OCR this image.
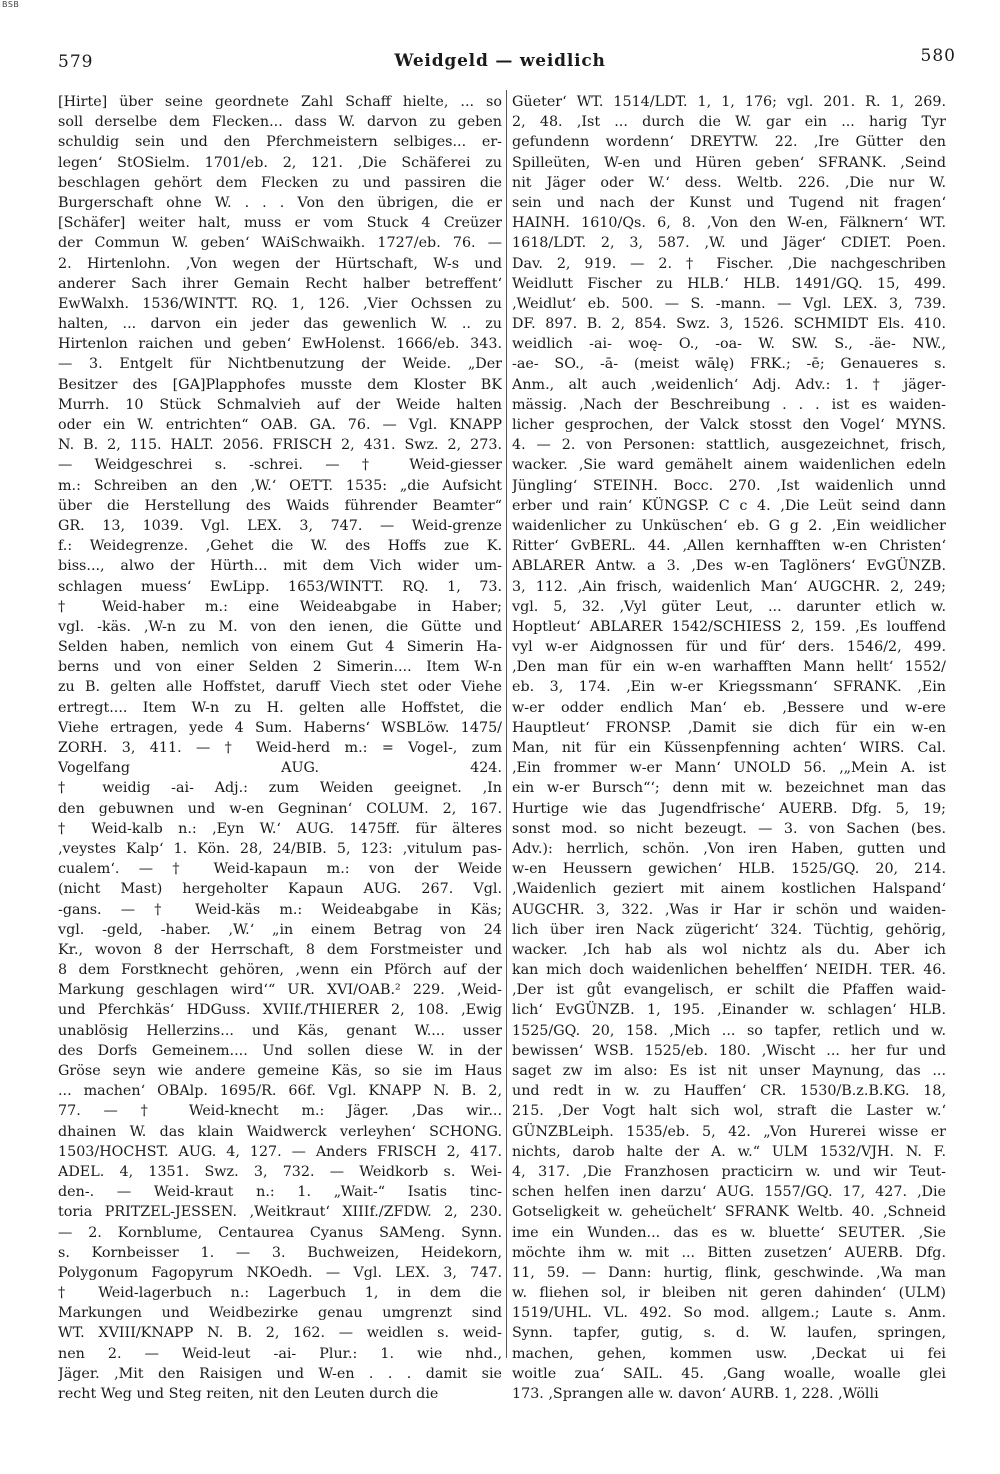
BSB
579	Weidgeld — weidlich	580
[Hirte] über seine geordnete Zahl Schaff hielte, ... so
soll derselbe dem Flecken... dass W. darvon zu geben
schuldig sein und den Pferchmeistern selbiges... er-
legen‘ StOSielm. 1701/eb. 2, 121. ‚Die Schäferei zu
beschlagen gehört dem Flecken zu und passiren die
Burgerschaft ohne W. . . . Von den übrigen, die er
[Schäfer] weiter halt, muss er vom Stuck 4 Creüzer
der Commun W. geben‘ WAiSchwaikh. 1727/eb. 76. —
2. Hirtenlohn. ‚Von wegen der Hürtschaft, W-s und
anderer Sach ihrer Gemain Recht halber betreffent‘
EwWalxh. 1536/WINTT. RQ. 1, 126. ‚Vier Ochssen zu
halten, ... darvon ein jeder das gewenlich W. .. zu
Hirtenlon raichen und geben‘ EwHolenst. 1666/eb. 343.
— 3. Entgelt für Nichtbenutzung der Weide. „Der
Besitzer des [GA]Plapphofes musste dem Kloster BK
Murrh. 10 Stück Schmalvieh auf der Weide halten
oder ein W. entrichten“ OAB. GA. 76. — Vgl. KNAPP
N. B. 2, 115. HALT. 2056. FRISCH 2, 431. Swz. 2, 273.
— Weidgeschrei s. -schrei. — † Weid-giesser
m.: Schreiben an den ‚W.‘ OETT. 1535: „die Aufsicht
über die Herstellung des Waids führender Beamter“
GR. 13, 1039. Vgl. LEX. 3, 747. — Weid-grenze
f.: Weidegrenze. ‚Gehet die W. des Hoffs zue K.
biss..., alwo der Hürth... mit dem Vich wider um-
schlagen muess‘ EwLipp. 1653/WINTT. RQ. 1, 73.
† Weid-haber m.: eine Weideabgabe in Haber;
vgl. -käs. ‚W-n zu M. von den ienen, die Gütte und
Selden haben, nemlich von einem Gut 4 Simerin Ha-
berns und von einer Selden 2 Simerin.... Item W-n
zu B. gelten alle Hoffstet, daruff Viech stet oder Viehe
ertregt.... Item W-n zu H. gelten alle Hoffstet, die
Viehe ertragen, yede 4 Sum. Haberns‘ WSBLöw. 1475/
ZORH. 3, 411. — † Weid-herd m.: = Vogel-, zum
Vogelfang AUG. 424.
† weidig -ai- Adj.: zum Weiden geeignet. ‚In
den gebuwnen und w-en Gegninan‘ COLUM. 2, 167.
† Weid-kalb n.: ‚Eyn W.‘ AUG. 1475ff. für älteres
‚veystes Kalp‘ 1. Kön. 28, 24/BIB. 5, 123: ‚vitulum pas-
cualem‘. — † Weid-kapaun m.: von der Weide
(nicht Mast) hergeholter Kapaun AUG. 267. Vgl.
-gans. — † Weid-käs m.: Weideabgabe in Käs;
vgl. -geld, -haber. ‚W.‘ „in einem Betrag von 24
Kr., wovon 8 der Herrschaft, 8 dem Forstmeister und
8 dem Forstknecht gehören, ‚wenn ein Pförch auf der
Markung geschlagen wird‘“ UR. XVI/OAB.² 229. ‚Weid-
und Pferchkäs‘ HDGuss. XVIIf./THIERER 2, 108. ‚Ewig
unablösig Hellerzins... und Käs, genant W.... usser
des Dorfs Gemeinem.... Und sollen diese W. in der
Gröse seyn wie andere gemeine Käs, so sie im Haus
... machen‘ OBAlp. 1695/R. 66f. Vgl. KNAPP N. B. 2,
77. — † Weid-knecht m.: Jäger. ‚Das wir...
dhainen W. das klain Waidwerck verleyhen‘ SCHONG.
1503/HOCHST. AUG. 4, 127. — Anders FRISCH 2, 417.
ADEL. 4, 1351. Swz. 3, 732. — Weidkorb s. Wei-
den-. — Weid-kraut n.: 1. „Wait-“ Isatis tinc-
toria PRITZEL-JESSEN. ‚Weitkraut‘ XIIIf./ZFDW. 2, 230.
— 2. Kornblume, Centaurea Cyanus SAMeng. Synn.
s. Kornbeisser 1. — 3. Buchweizen, Heidekorn,
Polygonum Fagopyrum NKOedh. — Vgl. LEX. 3, 747.
† Weid-lagerbuch n.: Lagerbuch 1, in dem die
Markungen und Weidbezirke genau umgrenzt sind
WT. XVIII/KNAPP N. B. 2, 162. — weidlen s. weid-
nen 2. — Weid-leut -ai- Plur.: 1. wie nhd.,
Jäger. ‚Mit den Raisigen und W-en . . . damit sie
recht Weg und Steg reiten, nit den Leuten durch die
Güeter‘ WT. 1514/LDT. 1, 1, 176; vgl. 201. R. 1, 269.
2, 48. ‚Ist ... durch die W. gar ein ... harig Tyr
gefundenn wordenn‘ DREYTW. 22. ‚Ire Gütter den
Spilleüten, W-en und Hüren geben‘ SFRANK. ‚Seind
nit Jäger oder W.‘ dess. Weltb. 226. ‚Die nur W.
sein und nach der Kunst und Tugend nit fragen‘
HAINH. 1610/Qs. 6, 8. ‚Von den W-en, Fälknern‘ WT.
1618/LDT. 2, 3, 587. ‚W. und Jäger‘ CDIET. Poen.
Dav. 2, 919. — 2. † Fischer. ‚Die nachgeschriben
Weidlutt Fischer zu HLB.‘ HLB. 1491/GQ. 15, 499.
‚Weidlut‘ eb. 500. — S. -mann. — Vgl. LEX. 3, 739.
DF. 897. B. 2, 854. Swz. 3, 1526. SCHMIDT Els. 410.
weidlich -ai- woę- O., -oa- W. SW. S., -äe- NW.,
-ae- SO., -ā- (meist wālę) FRK.; -ē; Genaueres s.
Anm., alt auch ‚weidenlich‘ Adj. Adv.: 1. † jäger-
mässig. ‚Nach der Beschreibung . . . ist es waiden-
licher gesprochen, der Valck stosst den Vogel‘ MYNS.
4. — 2. von Personen: stattlich, ausgezeichnet, frisch,
wacker. ‚Sie ward gemähelt ainem waidenlichen edeln
Jüngling‘ STEINH. Bocc. 270. ‚Ist waidenlich unnd
erber und rain‘ KÜNGSP. C c 4. ‚Die Leüt seind dann
waidenlicher zu Unküschen‘ eb. G g 2. ‚Ein weidlicher
Ritter‘ GvBERL. 44. ‚Allen kernhafften w-en Christen‘
ABLARER Antw. a 3. ‚Des w-en Taglöners‘ EvGÜNZB.
3, 112. ‚Ain frisch, waidenlich Man‘ AUGCHR. 2, 249;
vgl. 5, 32. ‚Vyl güter Leut, ... darunter etlich w.
Hoptleut‘ ABLARER 1542/SCHIESS 2, 159. ‚Es louffend
vyl w-er Aidgnossen für und für‘ ders. 1546/2, 499.
‚Den man für ein w-en warhafften Mann hellt‘ 1552/
eb. 3, 174. ‚Ein w-er Kriegssmann‘ SFRANK. ‚Ein
w-er odder endlich Man‘ eb. ‚Bessere und w-ere
Hauptleut‘ FRONSP. ‚Damit sie dich für ein w-en
Man, nit für ein Küssenpfenning achten‘ WIRS. Cal.
‚Ein frommer w-er Mann‘ UNOLD 56. ‚„Mein A. ist
ein w-er Bursch“‘; denn mit w. bezeichnet man das
Hurtige wie das Jugendfrische‘ AUERB. Dfg. 5, 19;
sonst mod. so nicht bezeugt. — 3. von Sachen (bes.
Adv.): herrlich, schön. ‚Von iren Haben, gutten und
w-en Heussern gewichen‘ HLB. 1525/GQ. 20, 214.
‚Waidenlich geziert mit ainem kostlichen Halspand‘
AUGCHR. 3, 322. ‚Was ir Har ir schön und waiden-
lich über iren Nack zügericht‘ 324. Tüchtig, gehörig,
wacker. ‚Ich hab als wol nichtz als du. Aber ich
kan mich doch waidenlichen behelffen‘ NEIDH. TER. 46.
‚Der ist gůt evangelisch, er schilt die Pfaffen waid-
lich‘ EvGÜNZB. 1, 195. ‚Einander w. schlagen‘ HLB.
1525/GQ. 20, 158. ‚Mich ... so tapfer, retlich und w.
bewissen‘ WSB. 1525/eb. 180. ‚Wischt ... her fur und
saget zw im also: Es ist nit unser Maynung, das ...
und redt in w. zu Hauffen‘ CR. 1530/B.z.B.KG. 18,
215. ‚Der Vogt halt sich wol, straft die Laster w.‘
GÜNZBLeiph. 1535/eb. 5, 42. „Von Hurerei wisse er
nichts, darob halte der A. w.“ ULM 1532/VJH. N. F.
4, 317. ‚Die Franzhosen practicirn w. und wir Teut-
schen helfen inen darzu‘ AUG. 1557/GQ. 17, 427. ‚Die
Gotseligkeit w. geheüchelt‘ SFRANK Weltb. 40. ‚Schneid
ime ein Wunden... das es w. bluette‘ SEUTER. ‚Sie
möchte ihm w. mit ... Bitten zusetzen‘ AUERB. Dfg.
11, 59. — Dann: hurtig, flink, geschwinde. ‚Wa man
w. fliehen sol, ir bleiben nit geren dahinden‘ (ULM)
1519/UHL. VL. 492. So mod. allgem.; Laute s. Anm.
Synn. tapfer, gutig, s. d. W. laufen, springen,
machen, gehen, kommen usw. ‚Deckat ui fei
woitle zua‘ SAIL. 45. ‚Gang woalle, woalle glei
173. ‚Sprangen alle w. davon‘ AURB. 1, 228. ‚Wölli
